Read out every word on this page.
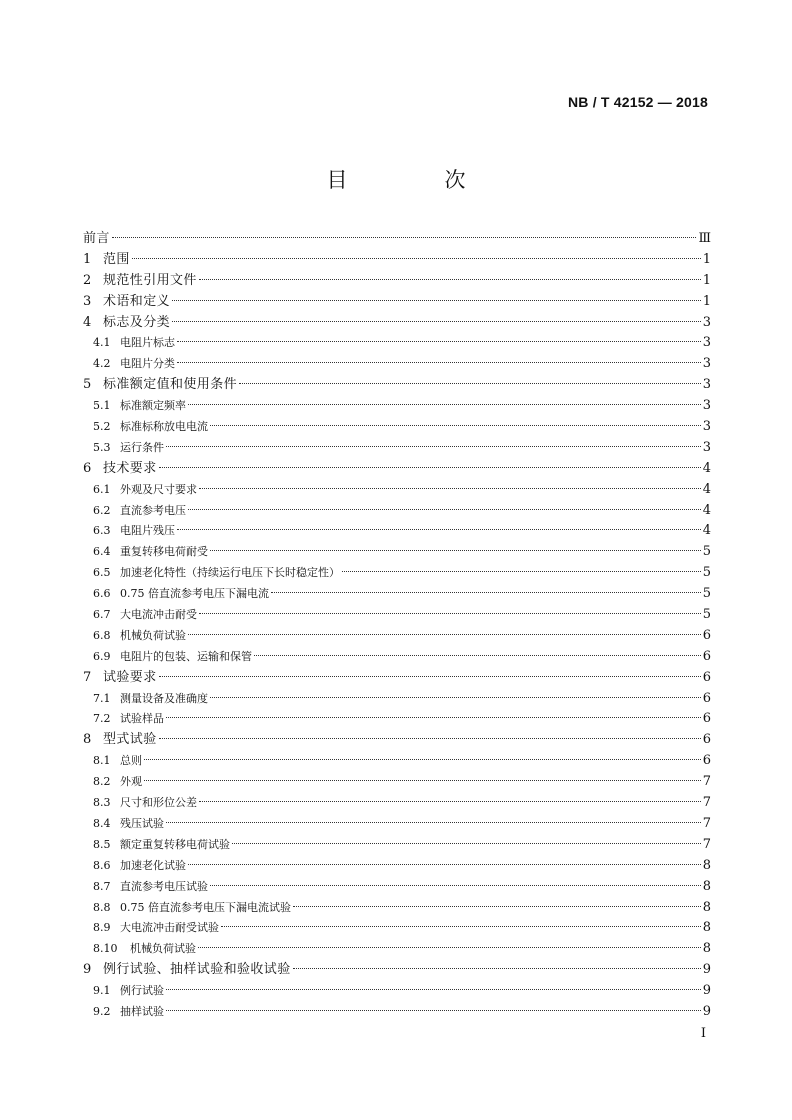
NB / T 42152 — 2018
目　次
前言	Ⅲ
1 范围	1
2 规范性引用文件	1
3 术语和定义	1
4 标志及分类	3
4.1 电阻片标志	3
4.2 电阻片分类	3
5 标准额定值和使用条件	3
5.1 标准额定频率	3
5.2 标准标称放电电流	3
5.3 运行条件	3
6 技术要求	4
6.1 外观及尺寸要求	4
6.2 直流参考电压	4
6.3 电阻片残压	4
6.4 重复转移电荷耐受	5
6.5 加速老化特性（持续运行电压下长时稳定性）	5
6.6 0.75 倍直流参考电压下漏电流	5
6.7 大电流冲击耐受	5
6.8 机械负荷试验	6
6.9 电阻片的包装、运输和保管	6
7 试验要求	6
7.1 测量设备及准确度	6
7.2 试验样品	6
8 型式试验	6
8.1 总则	6
8.2 外观	7
8.3 尺寸和形位公差	7
8.4 残压试验	7
8.5 额定重复转移电荷试验	7
8.6 加速老化试验	8
8.7 直流参考电压试验	8
8.8 0.75 倍直流参考电压下漏电流试验	8
8.9 大电流冲击耐受试验	8
8.10	机械负荷试验	8
9 例行试验、抽样试验和验收试验	9
9.1 例行试验	9
9.2 抽样试验	9
I
